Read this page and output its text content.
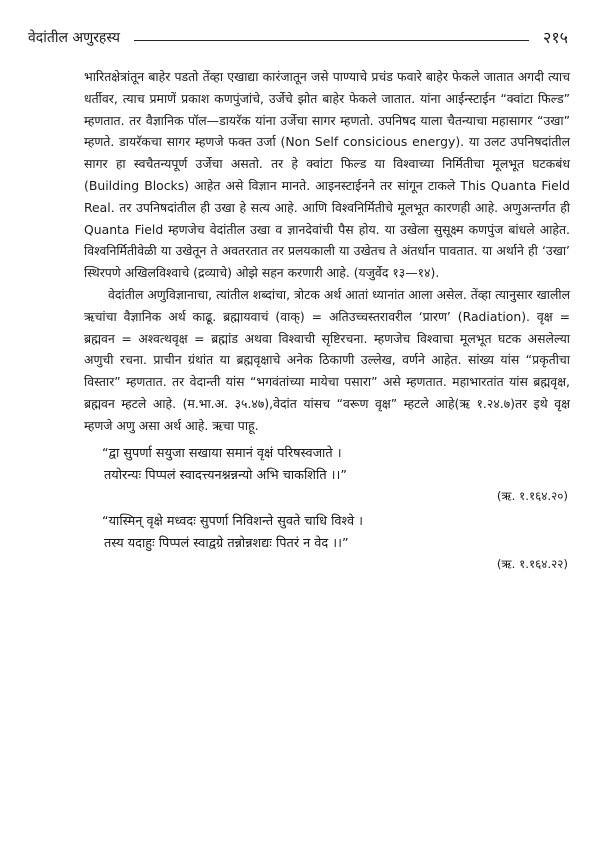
वेदांतील अणुरहस्य	२१५

भारितक्षेत्रांतून बाहेर पडतो तेंव्हा एखाद्या कारंजातून जसे पाण्याचे प्रचंड फवारे बाहेर फेकले जातात अगदी त्याच धर्तीवर, त्याच प्रमाणें प्रकाश कणपुंजांचे, उर्जेचे झोत बाहेर फेकले जातात. यांना आईन्स्टाईन “क्वांटा फिल्ड” म्हणतात. तर वैज्ञानिक पॉल—डायरॅक यांना उर्जेचा सागर म्हणतो. उपनिषद याला चैतन्याचा महासागर “उखा” म्हणते. डायरॅकचा सागर म्हणजे फक्त उर्जा (Non Self consicious energy). या उलट उपनिषदांतील सागर हा स्वचैतन्यपूर्ण उर्जेचा असतो. तर हे क्वांटा फिल्ड या विश्वाच्या निर्मितीचा मूलभूत घटकबंध (Building Blocks) आहेत असे विज्ञान मानते. आइनस्टाईनने तर सांगून टाकले This Quanta Field Real. तर उपनिषदांतील ही उखा हे सत्य आहे. आणि विश्वनिर्मितीचे मूलभूत कारणही आहे. अणुअन्तर्गत ही Quanta Field म्हणजेच वेदांतील उखा व ज्ञानदेवांची पैस होय. या उखेला सुसूक्ष्म कणपुंज बांधले आहेत. विश्वनिर्मितीवेळी या उखेतून ते अवतरतात तर प्रलयकाली या उखेतच ते अंतर्धान पावतात. या अर्थाने ही ‘उखा’ स्थिरपणे अखिलविश्वाचे (द्रव्याचे) ओझे सहन करणारी आहे. (यजुर्वेद १३—१४).

वेदांतील अणुविज्ञानाचा, त्यांतील शब्दांचा, त्रोटक अर्थ आतां ध्यानांत आला असेल. तेंव्हा त्यानुसार खालील ऋचांचा वैज्ञानिक अर्थ काढू. ब्रह्मायवाचं (वाक्) = अतिउच्चस्तरावरील ‘प्रारण’ (Radiation). वृक्ष = ब्रह्मवन = अश्वत्थवृक्ष = ब्रह्मांड अथवा विश्वाची सृष्टिरचना. म्हणजेच विश्वाचा मूलभूत घटक असलेल्या अणुची रचना. प्राचीन ग्रंथांत या ब्रह्मवृक्षाचे अनेक ठिकाणी उल्लेख, वर्णने आहेत. सांख्य यांस “प्रकृतीचा विस्तार” म्हणतात. तर वेदान्ती यांस “भगवंतांच्या मायेचा पसारा” असे म्हणतात. महाभारतांत यांस ब्रह्मवृक्ष, ब्रह्मवन म्हटले आहे. (म.भा.अ. ३५.४७),वेदांत यांसच “वरूण वृक्ष” म्हटले आहे(ऋ १.२४.७)तर इथे वृक्ष म्हणजे अणु असा अर्थ आहे. ऋचा पाहू.

“द्वा सुपर्णा सयुजा सखाया समानं वृक्षं परिषस्वजाते ।
तयोरन्यः पिप्पलं स्वादत्त्यनश्नन्नन्यो अभि चाकशिति ।।”
(ऋ. १.१६४.२०)
“यास्मिन् वृक्षे मध्वदः सुपर्णा निविशन्ते सुवते चाधि विश्वे ।
तस्य यदाहुः पिप्पलं स्वाद्वग्रे तन्नोन्नशद्यः पितरं न वेद ।।”
(ऋ. १.१६४.२२)
